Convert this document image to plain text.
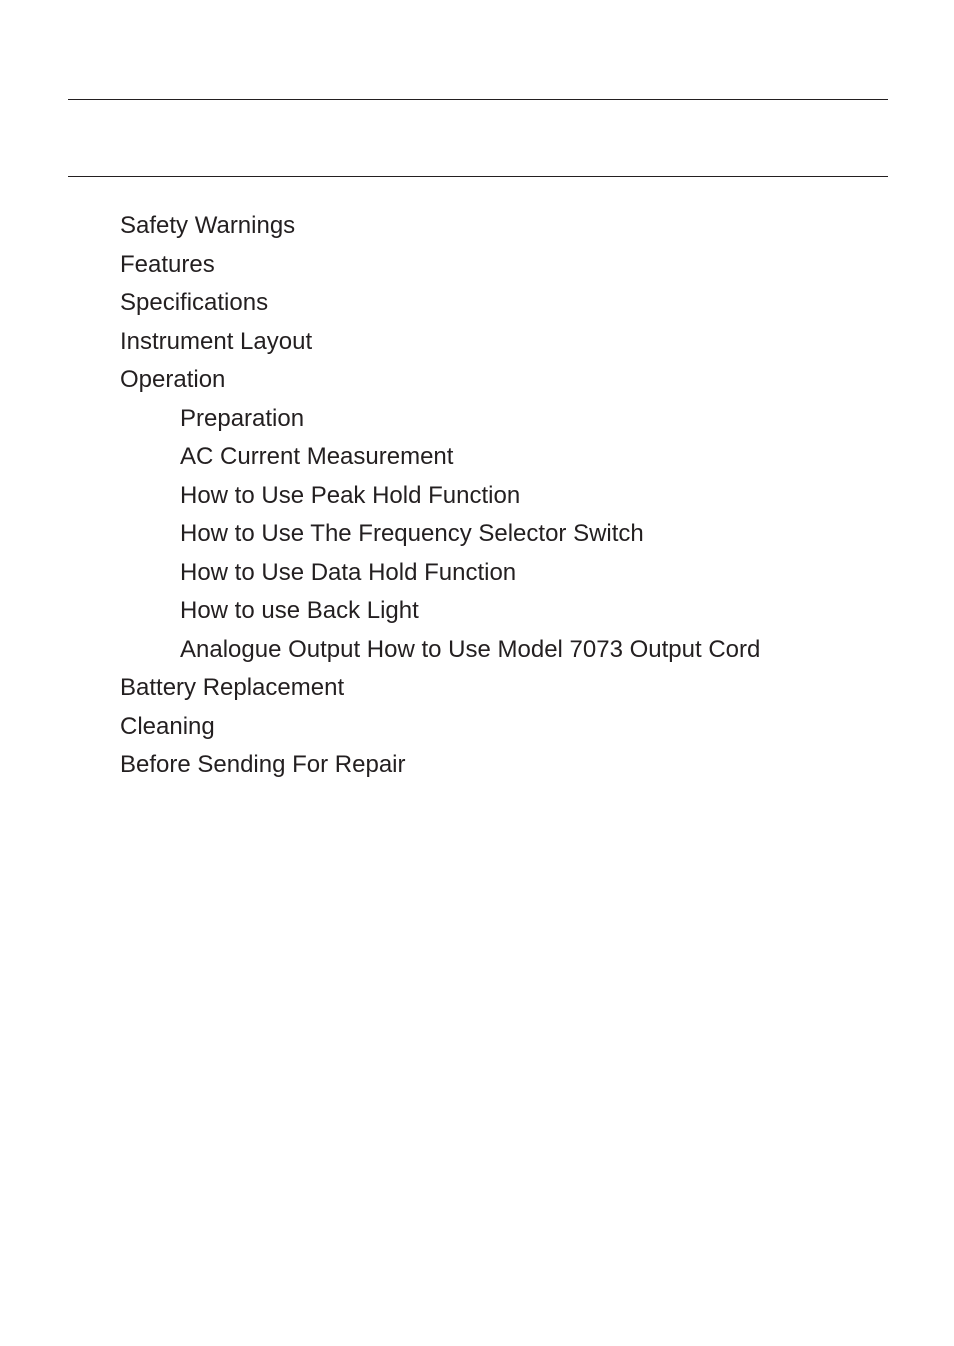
Safety Warnings
Features
Specifications
Instrument Layout
Operation
Preparation
AC Current Measurement
How to Use Peak Hold Function
How to Use The Frequency Selector Switch
How to Use Data Hold Function
How to use Back Light
Analogue Output How to Use Model 7073 Output Cord
Battery Replacement
Cleaning
Before Sending For Repair
